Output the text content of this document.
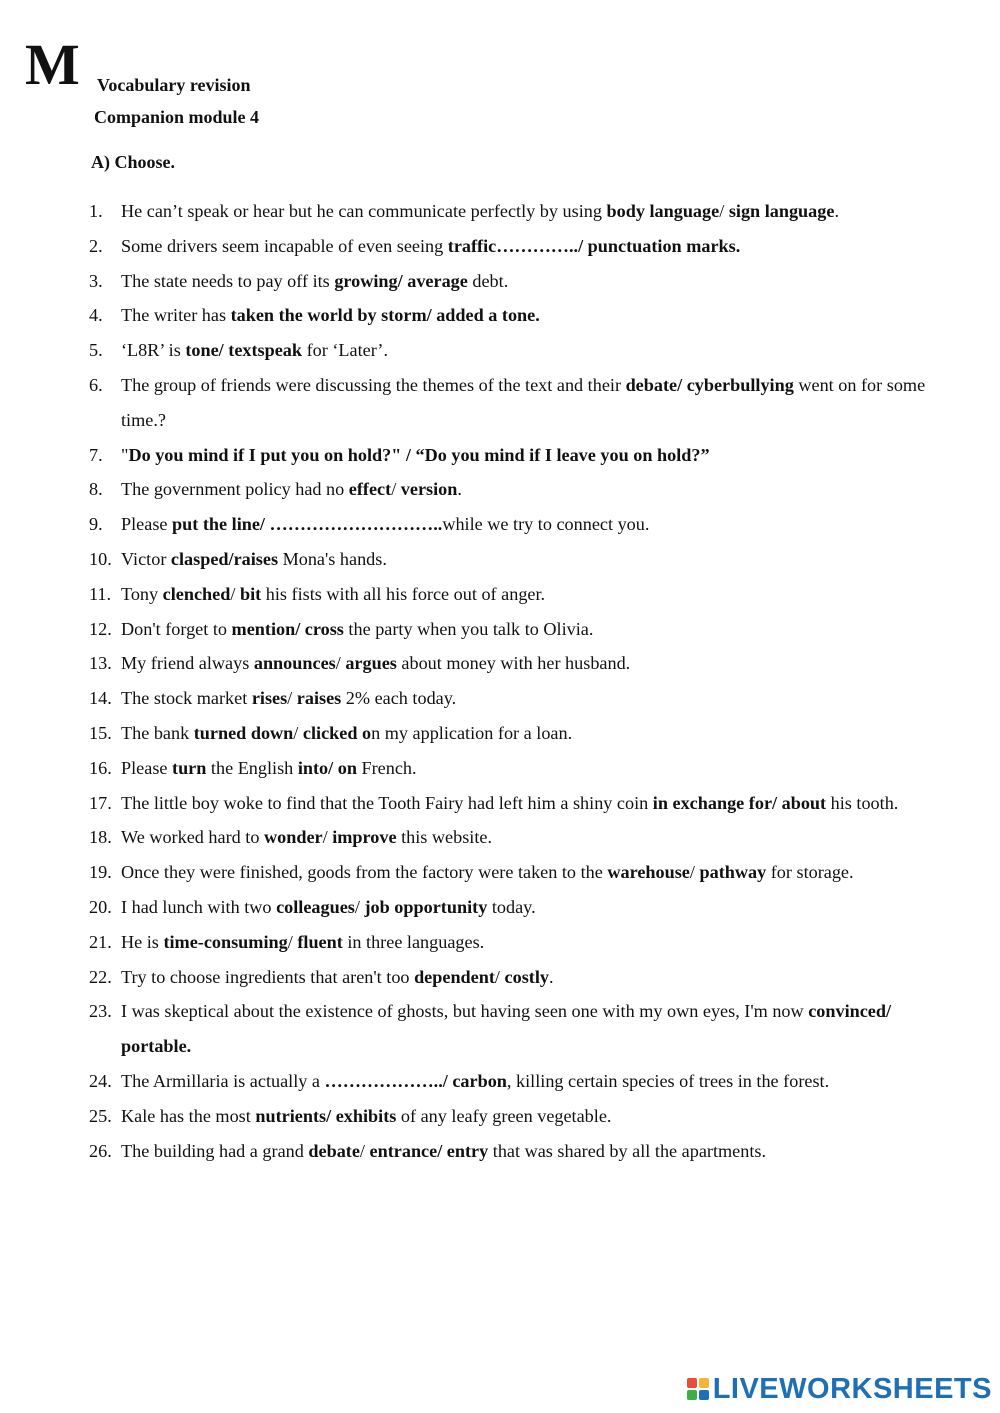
M Vocabulary revision
Companion module 4
A) Choose.
1.	He can’t speak or hear but he can communicate perfectly by using body language/ sign language.
2.	Some drivers seem incapable of even seeing traffic…………../ punctuation marks.
3.	The state needs to pay off its growing/ average debt.
4.	The writer has taken the world by storm/ added a tone.
5.	‘L8R’ is tone/ textspeak for ‘Later’.
6.	The group of friends were discussing the themes of the text and their debate/ cyberbullying went on for some time.?
7.	"Do you mind if I put you on hold?" / “Do you mind if I leave you on hold?”
8.	The government policy had no effect/ version.
9.	Please put the line/ ………………………..while we try to connect you.
10. Victor clasped/raises Mona's hands.
11. Tony clenched/ bit his fists with all his force out of anger.
12. Don't forget to mention/ cross the party when you talk to Olivia.
13. My friend always announces/ argues about money with her husband.
14. The stock market rises/ raises 2% each today.
15. The bank turned down/ clicked on my application for a loan.
16. Please turn the English into/ on French.
17. The little boy woke to find that the Tooth Fairy had left him a shiny coin in exchange for/ about his tooth.
18. We worked hard to wonder/ improve this website.
19. Once they were finished, goods from the factory were taken to the warehouse/ pathway for storage.
20. I had lunch with two colleagues/ job opportunity today.
21. He is time-consuming/ fluent in three languages.
22. Try to choose ingredients that aren't too dependent/ costly.
23. I was skeptical about the existence of ghosts, but having seen one with my own eyes, I'm now convinced/ portable.
24. The Armillaria is actually a ………………../ carbon, killing certain species of trees in the forest.
25. Kale has the most nutrients/ exhibits of any leafy green vegetable.
26. The building had a grand debate/ entrance/ entry that was shared by all the apartments.
LIVEWORKSHEETS
